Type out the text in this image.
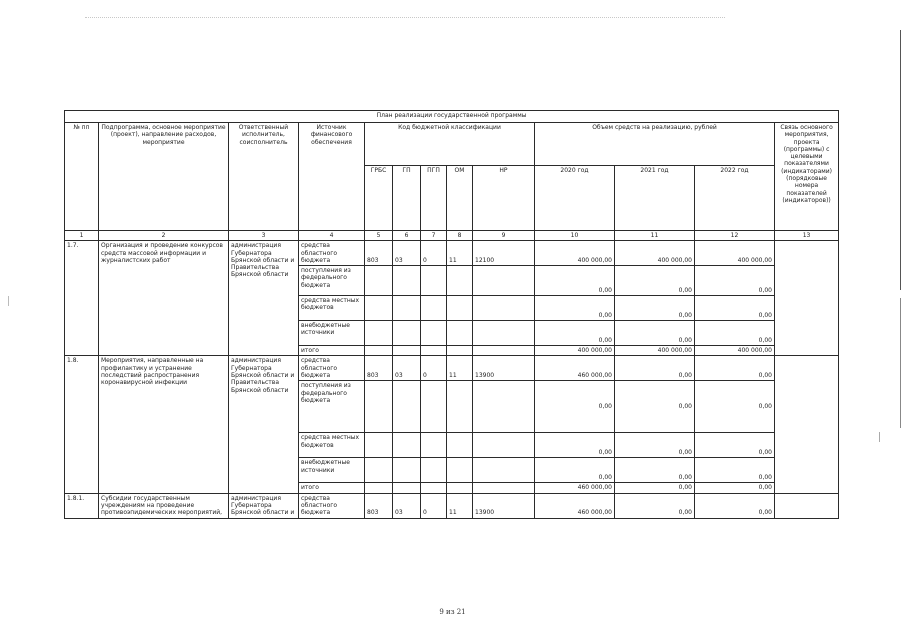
План реализации государственной программы												
№ пп	Подпрограмма, основное мероприятие (проект), направление расходов, мероприятие	Ответственный исполнитель, соисполнитель	Источник финансового обеспечения	Код бюджетной классификации					Объем средств на реализацию, рублей			Связь основного мероприятия, проекта (программы) с целевыми показателями (индикаторами) (порядковые номера показателей (индикаторов))
				ГРБС	ГП	ПГП	ОМ	НР	2020 год	2021 год	2022 год	
1	2	3	4	5	6	7	8	9	10	11	12	13
1.7.	Организация и проведение конкурсов средств массовой информации и журналистских работ	администрация Губернатора Брянской области и Правительства Брянской области	средства областного бюджета	803	03	0	11	12100	400 000,00	400 000,00	400 000,00	
			поступления из федерального бюджета						0,00	0,00	0,00	
			средства местных бюджетов						0,00	0,00	0,00	
			внебюджетные источники						0,00	0,00	0,00	
			итого						400 000,00	400 000,00	400 000,00	
1.8.	Мероприятия, направленные на профилактику и устранение последствий распространения коронавирусной инфекции	администрация Губернатора Брянской области и Правительства Брянской области	средства областного бюджета	803	03	0	11	13900	460 000,00	0,00	0,00	
			поступления из федерального бюджета						0,00	0,00	0,00	
			средства местных бюджетов						0,00	0,00	0,00	
			внебюджетные источники						0,00	0,00	0,00	
			итого						460 000,00	0,00	0,00	
1.8.1.	Субсидии государственным учреждениям на проведение противоэпидемических мероприятий,	администрация Губернатора Брянской области и	средства областного бюджета	803	03	0	11	13900	460 000,00	0,00	0,00	
9 из 21
